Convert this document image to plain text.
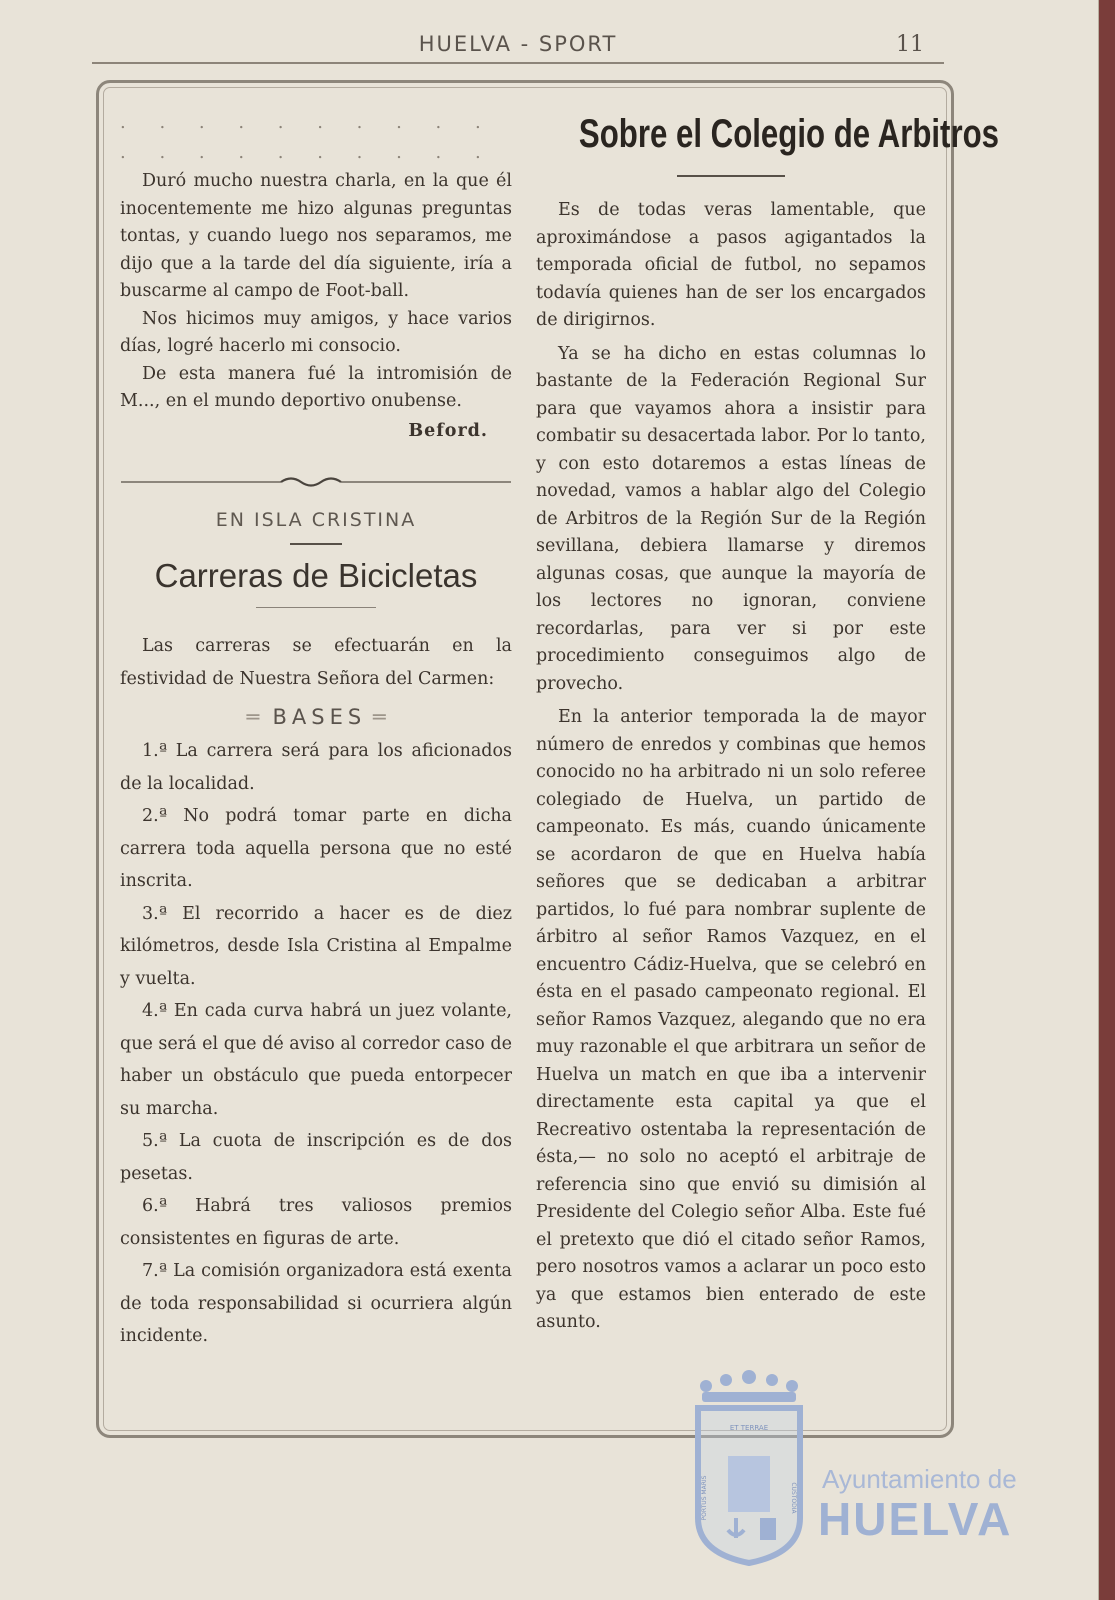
HUELVA - SPORT	11
. . . . . . . . . .
. . . . . . . . . .

Duró mucho nuestra charla, en la que él inocentemente me hizo algunas preguntas tontas, y cuando luego nos separamos, me dijo que a la tarde del día siguiente, iría a buscarme al campo de Foot-ball.

Nos hicimos muy amigos, y hace varios días, logré hacerlo mi consocio.

De esta manera fué la intromisión de M..., en el mundo deportivo onubense.

Beford.

EN ISLA CRISTINA
Carreras de Bicicletas

Las carreras se efectuarán en la festividad de Nuestra Señora del Carmen:

═  BASES ═

1.ª La carrera será para los aficionados de la localidad.

2.ª No podrá tomar parte en dicha carrera toda aquella persona que no esté inscrita.

3.ª El recorrido a hacer es de diez kilómetros, desde Isla Cristina al Empalme y vuelta.

4.ª En cada curva habrá un juez volante, que será el que dé aviso al corredor caso de haber un obstáculo que pueda entorpecer su marcha.

5.ª La cuota de inscripción es de dos pesetas.

6.ª Habrá tres valiosos premios consistentes en figuras de arte.

7.ª La comisión organizadora está exenta de toda responsabilidad si ocurriera algún incidente.

Sobre el Colegio de Arbitros

Es de todas veras lamentable, que aproximándose a pasos agigantados la temporada oficial de futbol, no sepamos todavía quienes han de ser los encargados de dirigirnos.

Ya se ha dicho en estas columnas lo bastante de la Federación Regional Sur para que vayamos ahora a insistir para combatir su desacertada labor. Por lo tanto, y con esto dotaremos a estas líneas de novedad, vamos a hablar algo del Colegio de Arbitros de la Región Sur de la Región sevillana, debiera llamarse y diremos algunas cosas, que aunque la mayoría de los lectores no ignoran, conviene recordarlas, para ver si por este procedimiento conseguimos algo de provecho.

En la anterior temporada la de mayor número de enredos y combinas que hemos conocido no ha arbitrado ni un solo referee colegiado de Huelva, un partido de campeonato. Es más, cuando únicamente se acordaron de que en Huelva había señores que se dedicaban a arbitrar partidos, lo fué para nombrar suplente de árbitro al señor Ramos Vazquez, en el encuentro Cádiz-Huelva, que se celebró en ésta en el pasado campeonato regional. El señor Ramos Vazquez, alegando que no era muy razonable el que arbitrara un señor de Huelva un match en que iba a intervenir directamente esta capital ya que el Recreativo ostentaba la representación de ésta,— no solo no aceptó el arbitraje de referencia sino que envió su dimisión al Presidente del Colegio señor Alba. Este fué el pretexto que dió el citado señor Ramos, pero nosotros vamos a aclarar un poco esto ya que estamos bien enterado de este asunto.

ET TERRAE
PORTUS MARIS	CUSTODIA
Ayuntamiento de
HUELVA
